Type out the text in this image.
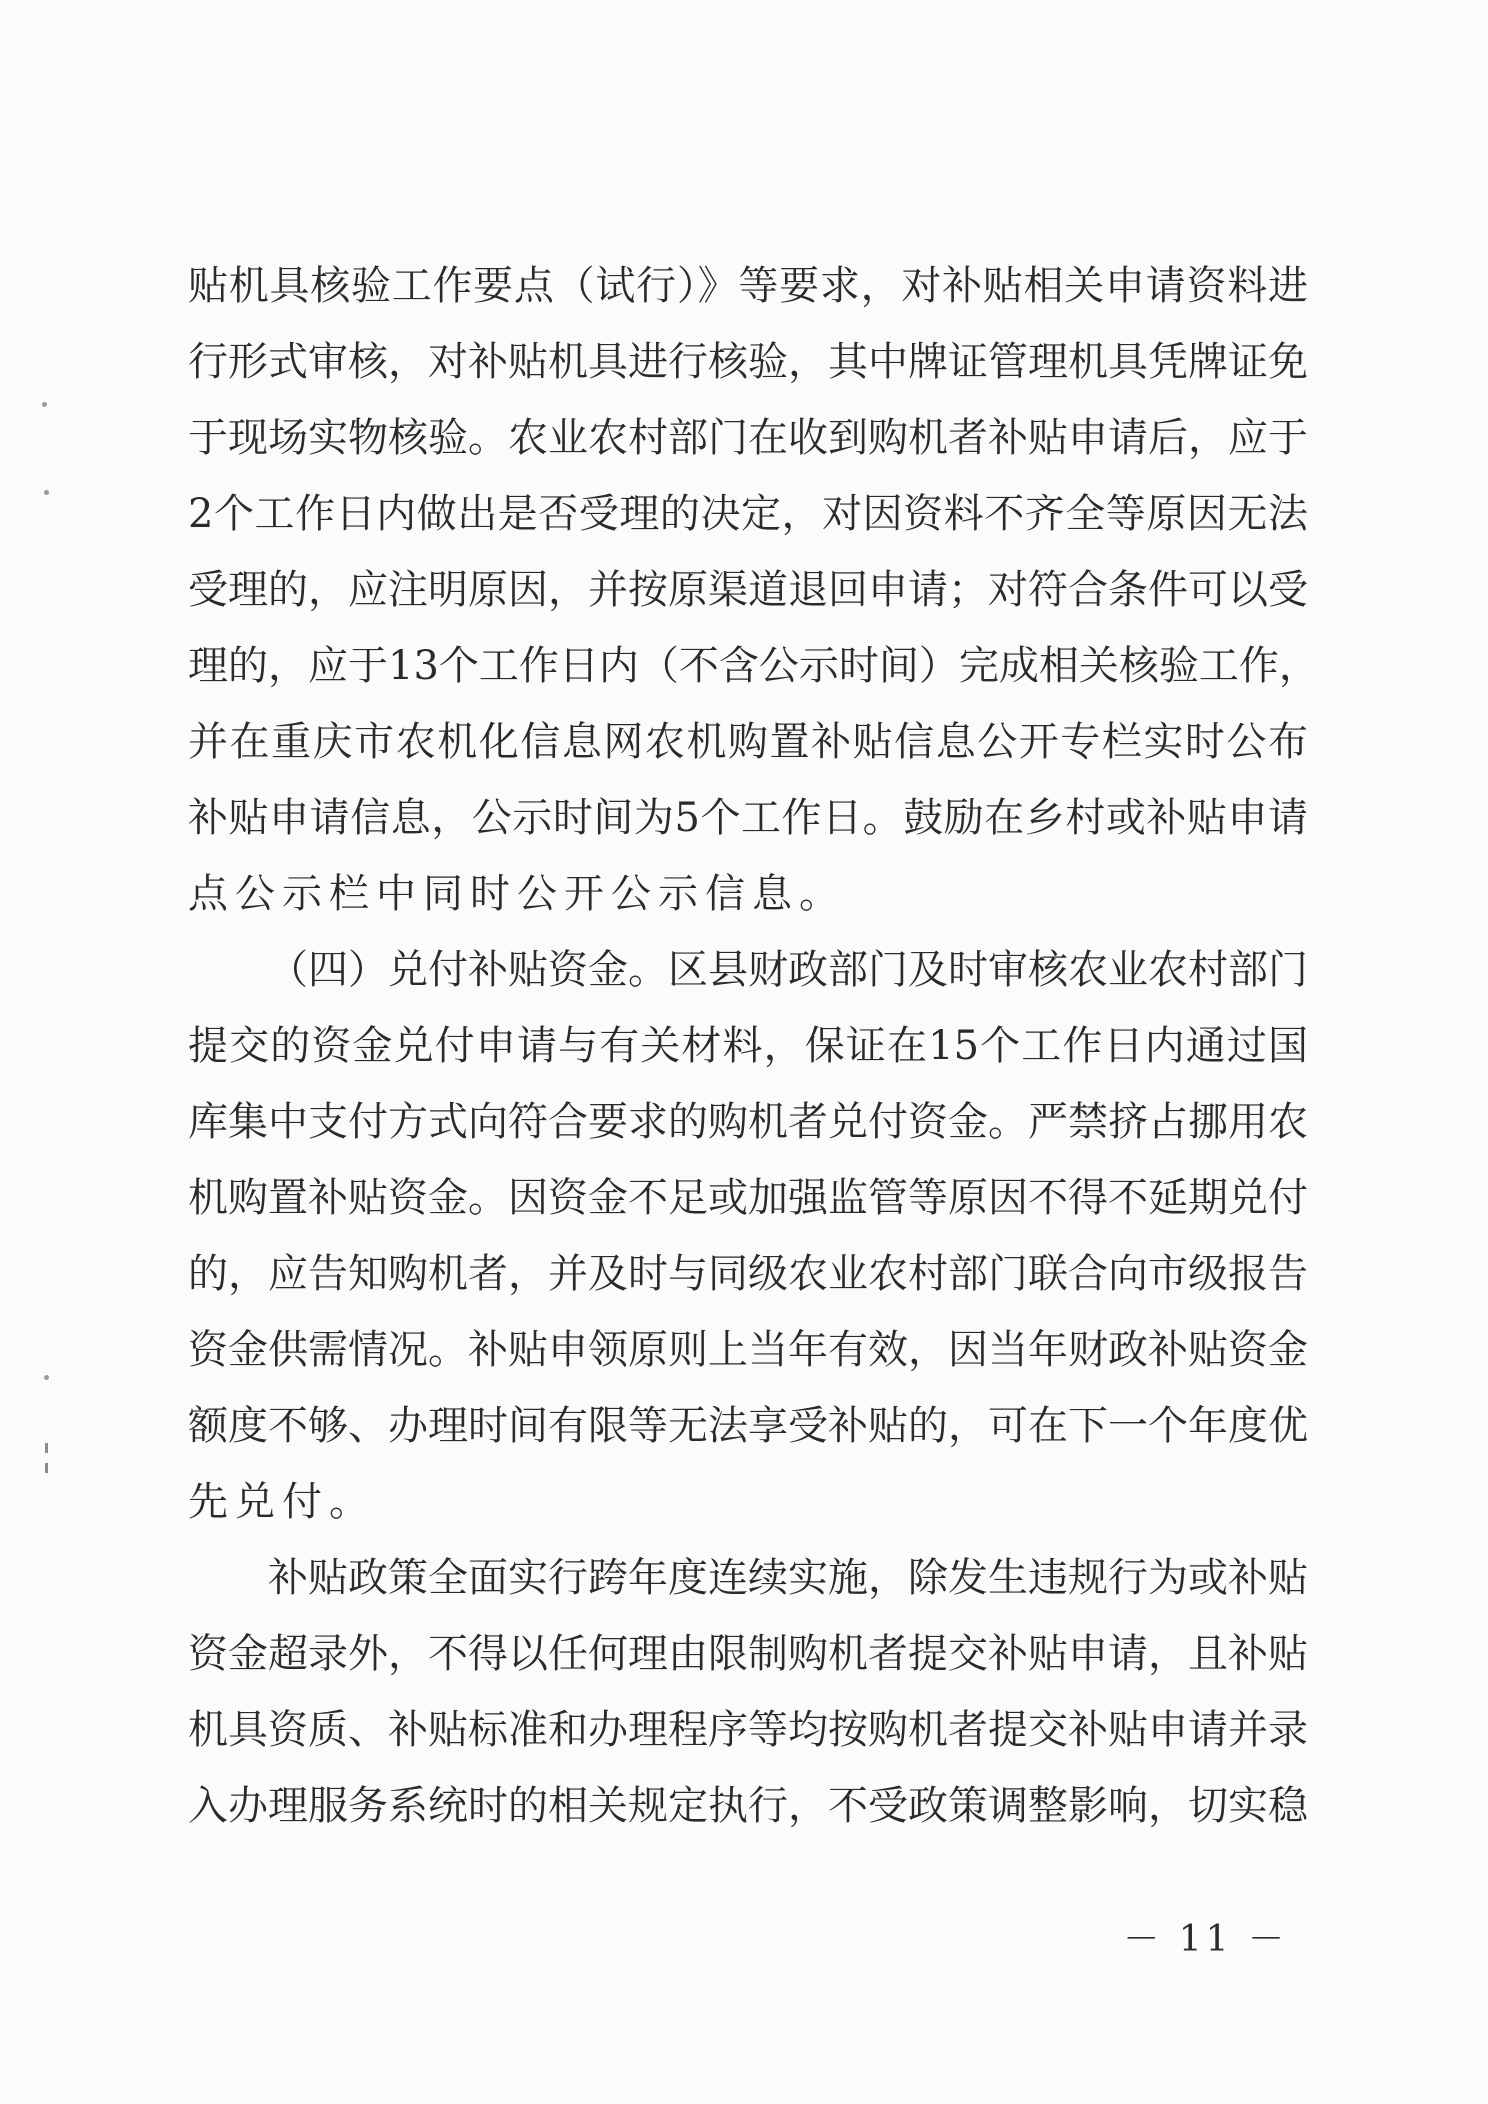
贴机具核验工作要点（试行）》等要求，对补贴相关申请资料进
行形式审核，对补贴机具进行核验，其中牌证管理机具凭牌证免
于现场实物核验。农业农村部门在收到购机者补贴申请后，应于
2个工作日内做出是否受理的决定，对因资料不齐全等原因无法
受理的，应注明原因，并按原渠道退回申请；对符合条件可以受
理的，应于13个工作日内（不含公示时间）完成相关核验工作，
并在重庆市农机化信息网农机购置补贴信息公开专栏实时公布
补贴申请信息，公示时间为5个工作日。鼓励在乡村或补贴申请
点公示栏中同时公开公示信息。
（四）兑付补贴资金。区县财政部门及时审核农业农村部门
提交的资金兑付申请与有关材料，保证在15个工作日内通过国
库集中支付方式向符合要求的购机者兑付资金。严禁挤占挪用农
机购置补贴资金。因资金不足或加强监管等原因不得不延期兑付
的，应告知购机者，并及时与同级农业农村部门联合向市级报告
资金供需情况。补贴申领原则上当年有效，因当年财政补贴资金
额度不够、办理时间有限等无法享受补贴的，可在下一个年度优
先兑付。
补贴政策全面实行跨年度连续实施，除发生违规行为或补贴
资金超录外，不得以任何理由限制购机者提交补贴申请，且补贴
机具资质、补贴标准和办理程序等均按购机者提交补贴申请并录
入办理服务系统时的相关规定执行，不受政策调整影响，切实稳
－ 11 －
